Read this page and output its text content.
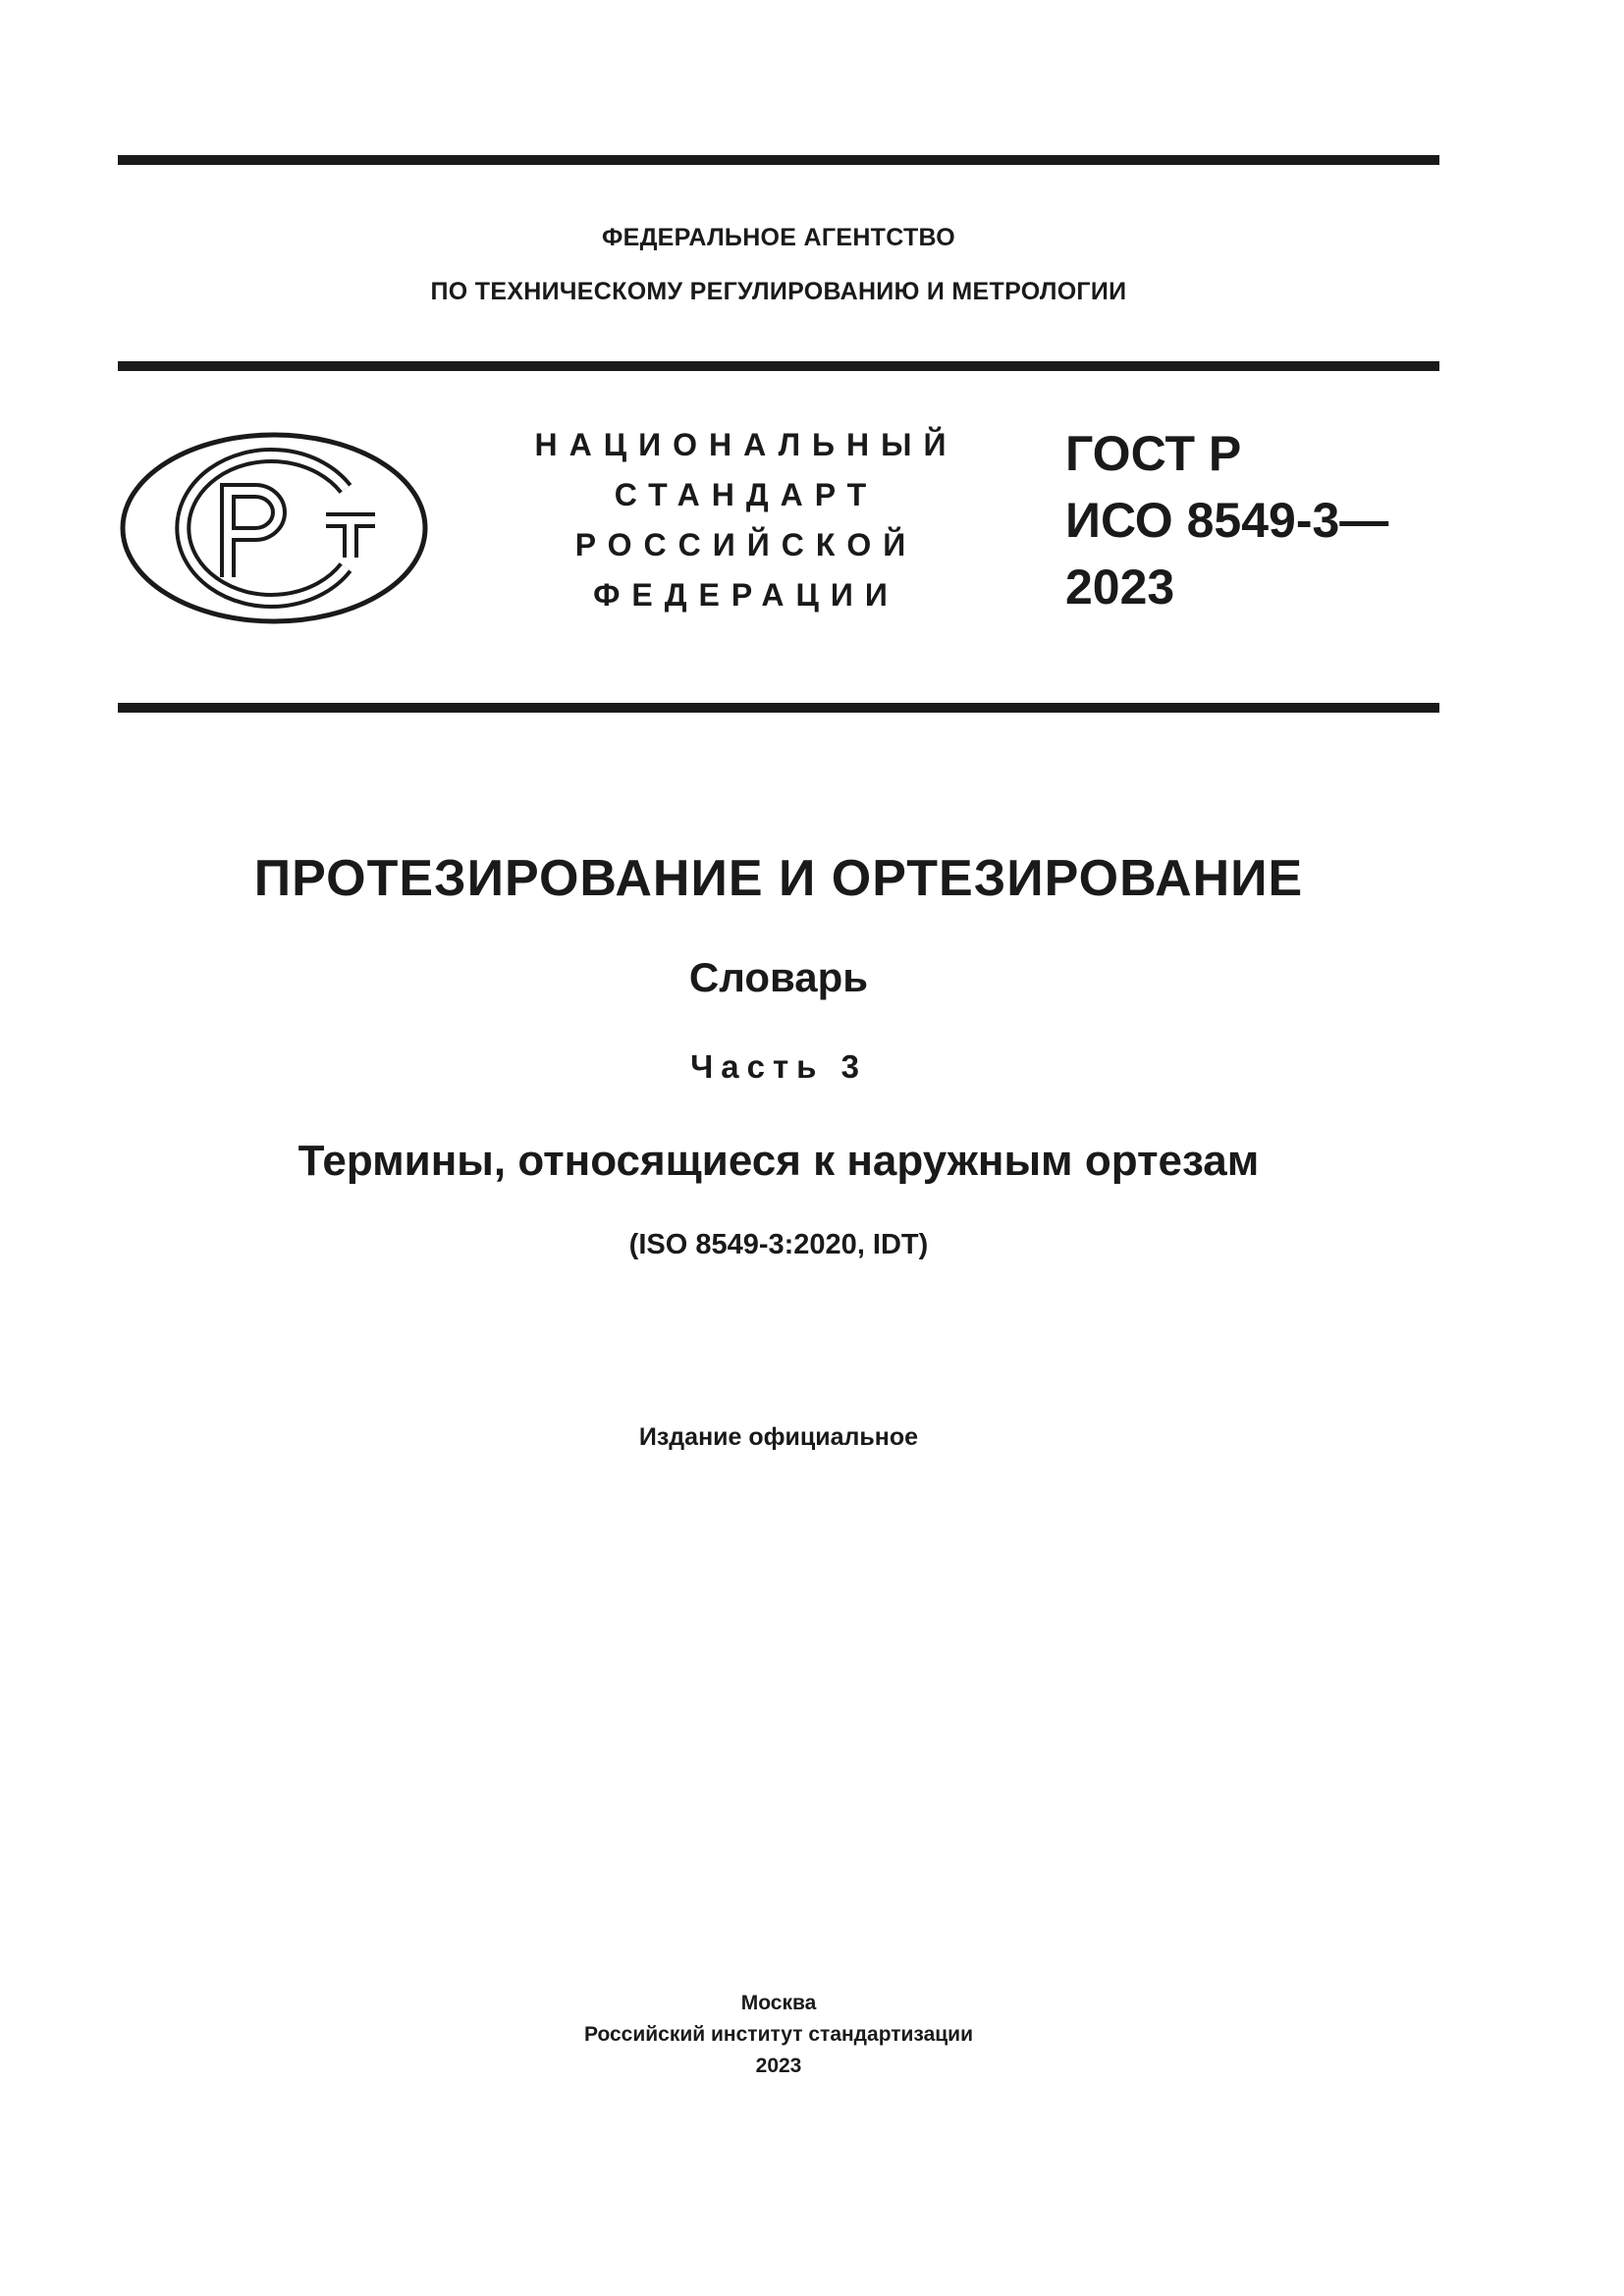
ФЕДЕРАЛЬНОЕ АГЕНТСТВО
ПО ТЕХНИЧЕСКОМУ РЕГУЛИРОВАНИЮ И МЕТРОЛОГИИ
НАЦИОНАЛЬНЫЙ
СТАНДАРТ
РОССИЙСКОЙ
ФЕДЕРАЦИИ
ГОСТ Р
ИСО 8549-3—
2023
ПРОТЕЗИРОВАНИЕ И ОРТЕЗИРОВАНИЕ
Словарь
Часть 3
Термины, относящиеся к наружным ортезам
(ISO 8549-3:2020, IDT)
Издание официальное
Москва
Российский институт стандартизации
2023
